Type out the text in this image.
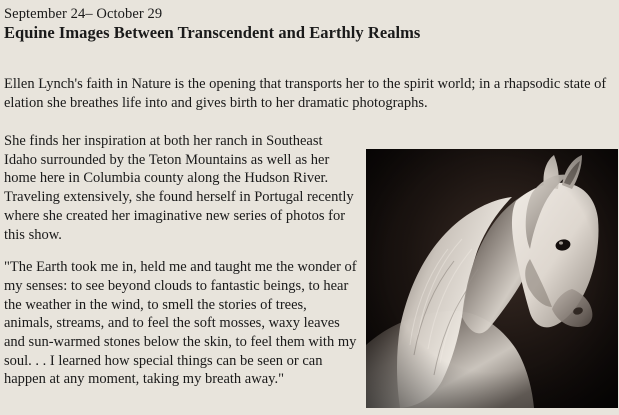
September 24– October 29
Equine Images Between Transcendent and Earthly Realms

Ellen Lynch's faith in Nature is the opening that transports her to the spirit world; in a rhapsodic state of elation she breathes life into and gives birth to her dramatic photographs.

She finds her inspiration at both her ranch in Southeast Idaho surrounded by the Teton Mountains as well as her home here in Columbia county along the Hudson River. Traveling extensively, she found herself in Portugal recently where she created her imaginative new series of photos for this show.

"The Earth took me in, held me and taught me the wonder of my senses: to see beyond clouds to fantastic beings, to hear the weather in the wind, to smell the stories of trees, animals, streams, and to feel the soft mosses, waxy leaves and sun-warmed stones below the skin, to feel them with my soul. . . I learned how special things can be seen or can happen at any moment, taking my breath away."
